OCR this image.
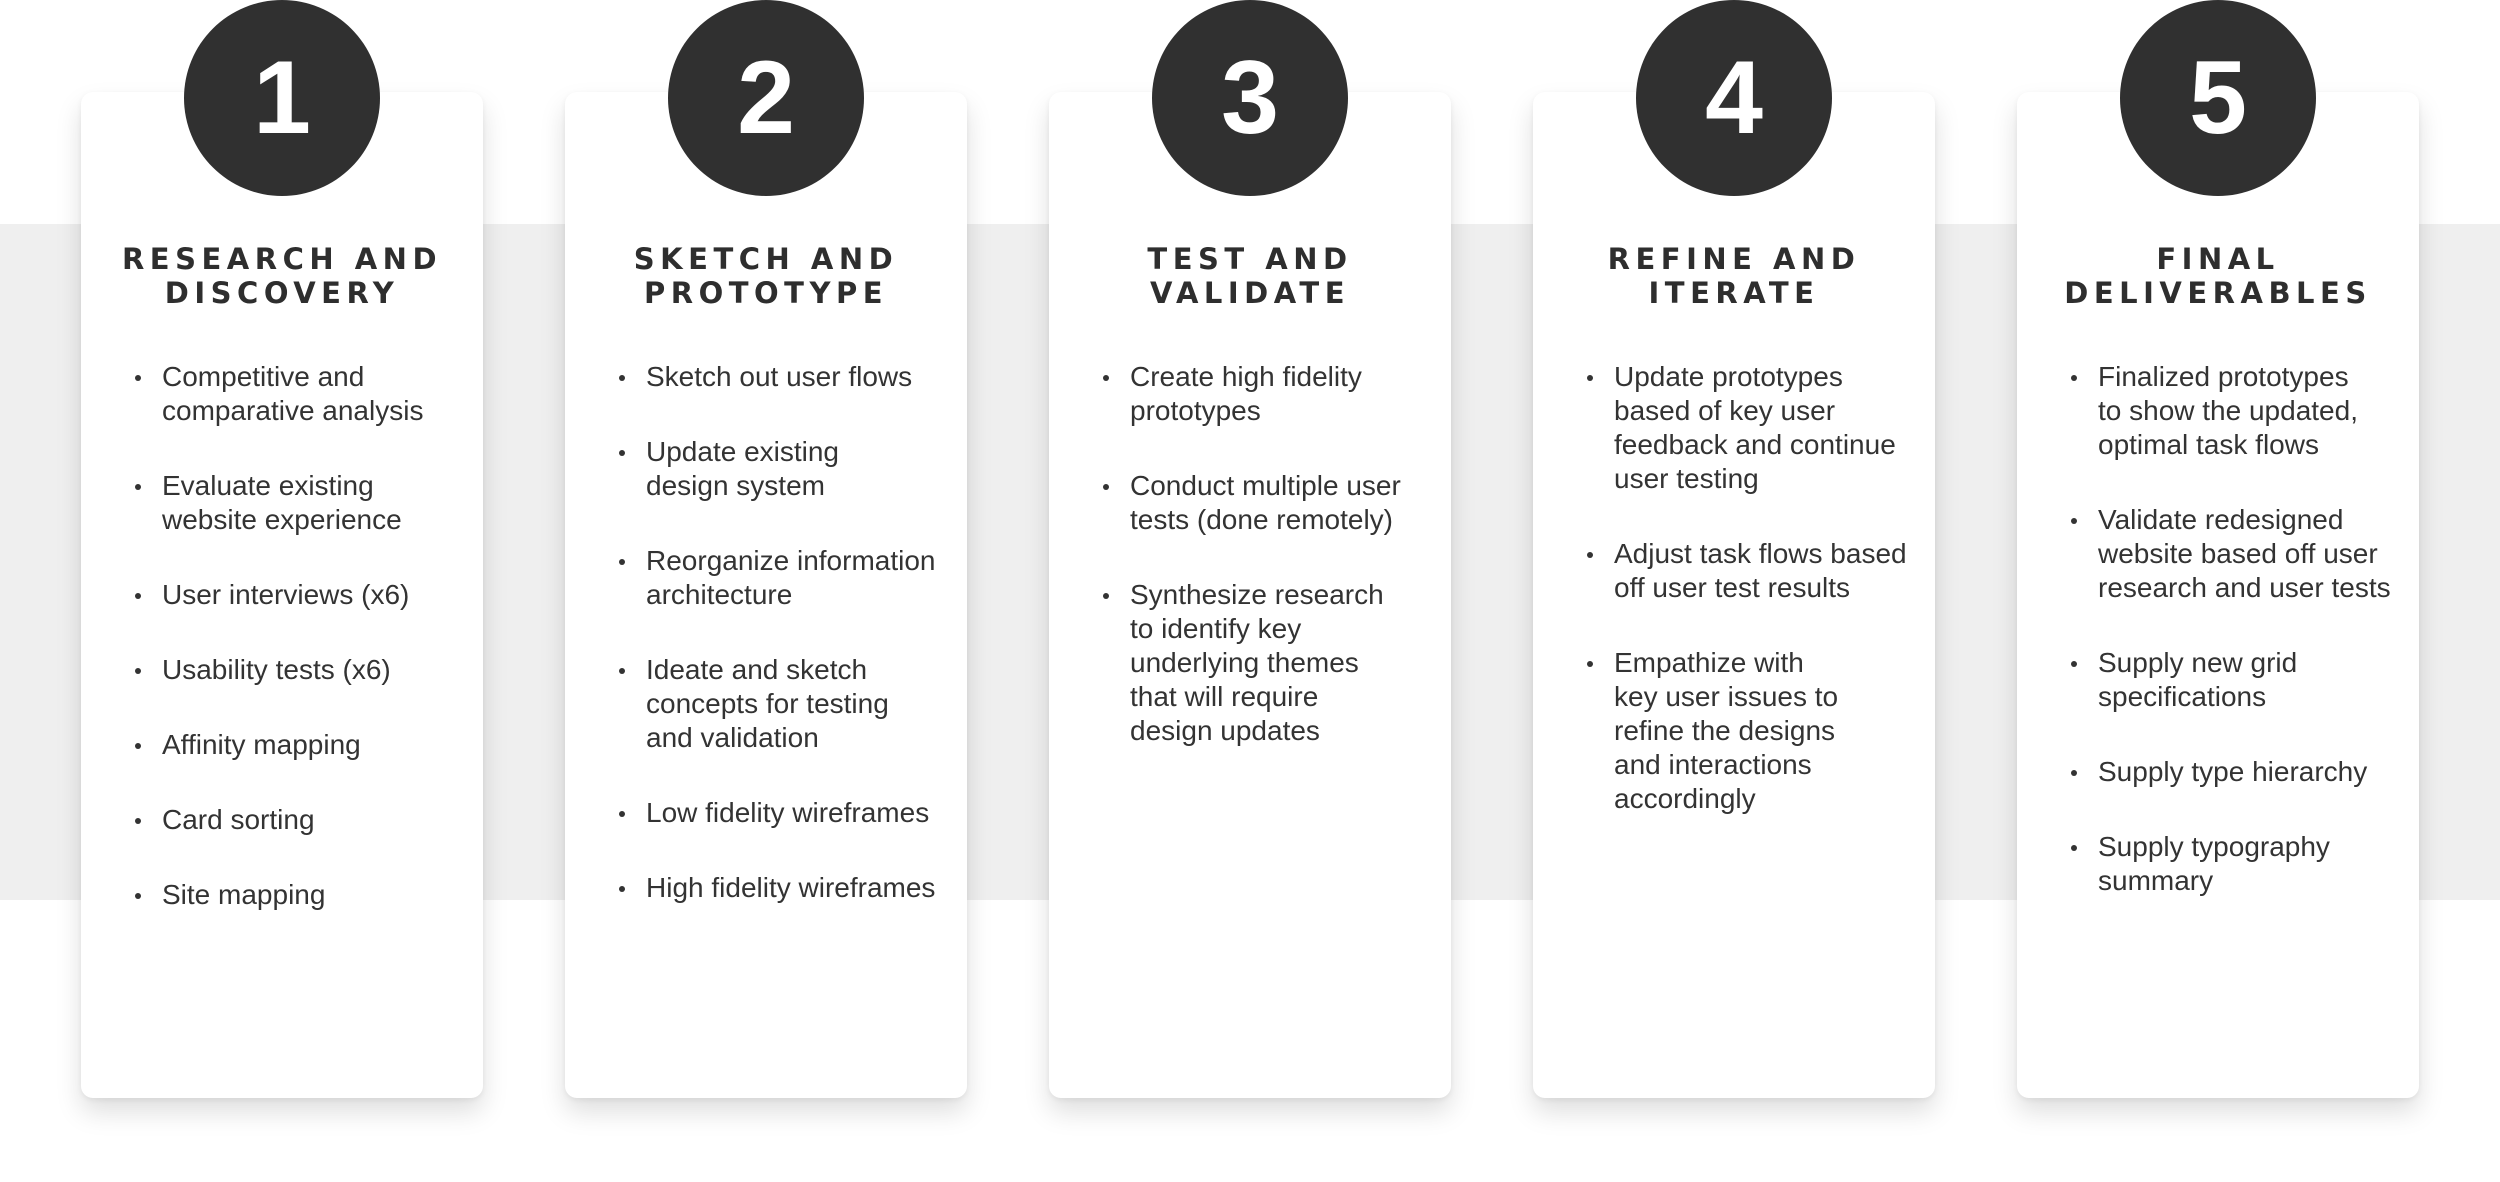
RESEARCH AND
DISCOVERY
Competitive and
comparative analysis
Evaluate existing
website experience
User interviews (x6)
Usability tests (x6)
Affinity mapping
Card sorting
Site mapping
SKETCH AND
PROTOTYPE
Sketch out user flows
Update existing
design system
Reorganize information
architecture
Ideate and sketch
concepts for testing
and validation
Low fidelity wireframes
High fidelity wireframes
TEST AND
VALIDATE
Create high fidelity
prototypes
Conduct multiple user
tests (done remotely)
Synthesize research
to identify key
underlying themes
that will require
design updates
REFINE AND
ITERATE
Update prototypes
based of key user
feedback and continue
user testing
Adjust task flows based
off user test results
Empathize with
key user issues to
refine the designs
and interactions
accordingly
FINAL
DELIVERABLES
Finalized prototypes
to show the updated,
optimal task flows
Validate redesigned
website based off user
research and user tests
Supply new grid
specifications
Supply type hierarchy
Supply typography
summary
1	2	3	4	5
